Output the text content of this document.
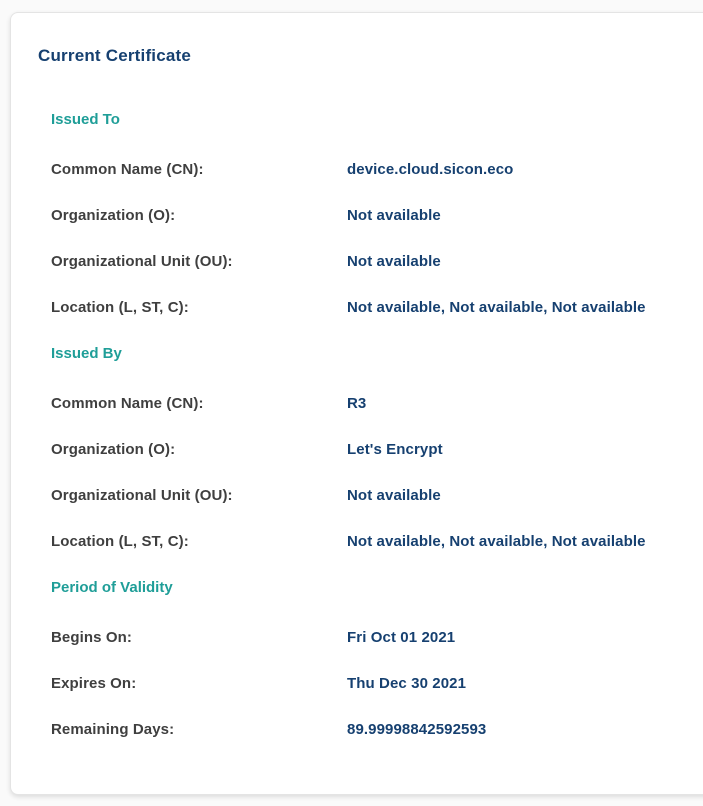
Current Certificate
Issued To
Common Name (CN):	device.cloud.sicon.eco
Organization (O):	Not available
Organizational Unit (OU):	Not available
Location (L, ST, C):	Not available, Not available, Not available
Issued By
Common Name (CN):	R3
Organization (O):	Let's Encrypt
Organizational Unit (OU):	Not available
Location (L, ST, C):	Not available, Not available, Not available
Period of Validity
Begins On:	Fri Oct 01 2021
Expires On:	Thu Dec 30 2021
Remaining Days:	89.99998842592593
